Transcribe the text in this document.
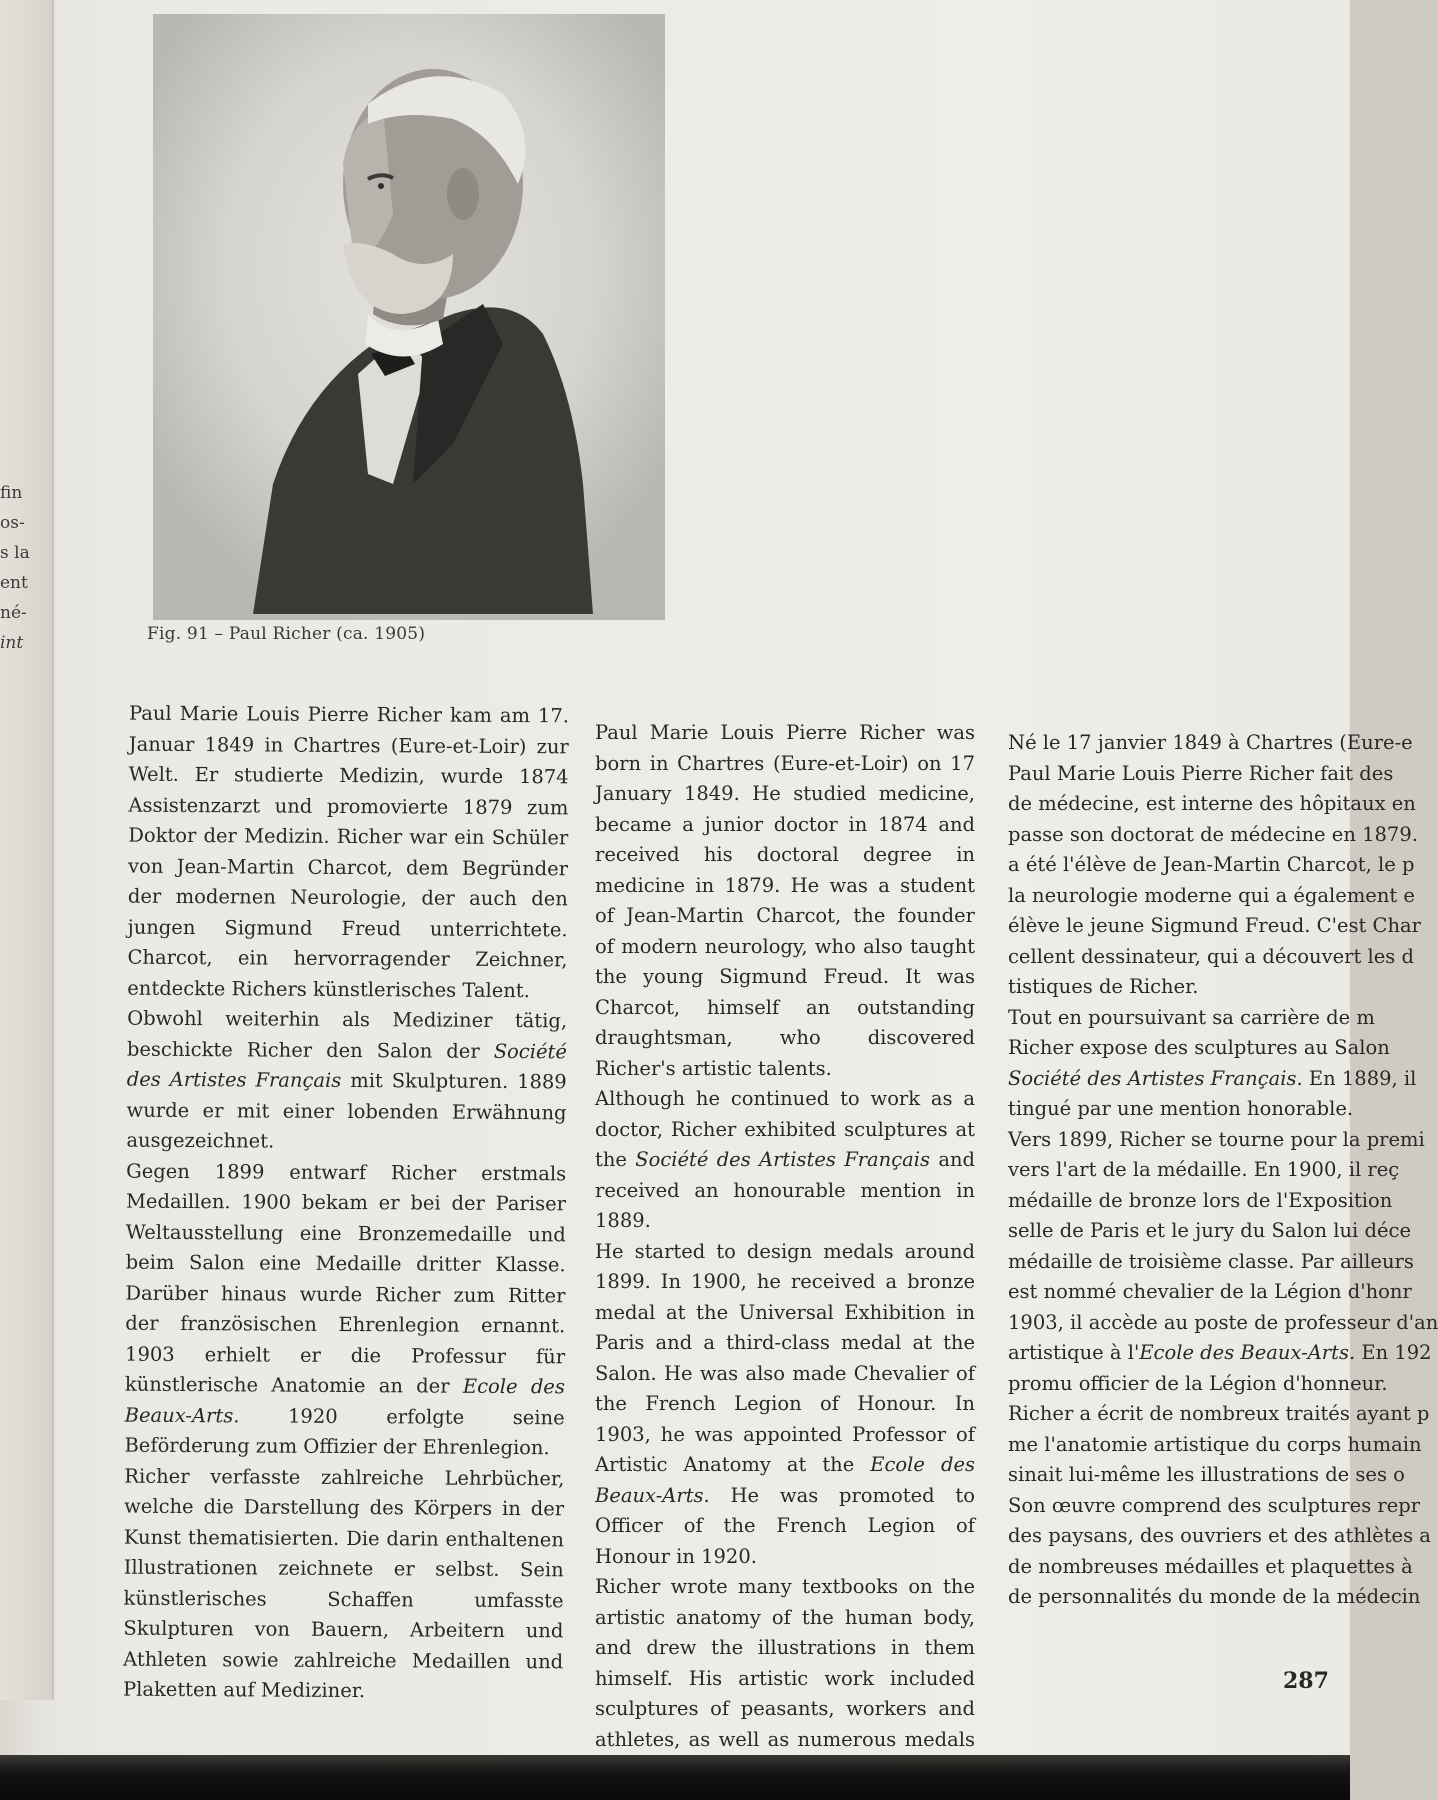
fin
os-
s la
ent
né-
int	Fig. 91 – Paul Richer (ca. 1905)

Paul Marie Louis Pierre Richer kam am 17. Januar 1849 in Chartres (Eure-et-Loir) zur Welt. Er studierte Medizin, wurde 1874 Assistenzarzt und promovierte 1879 zum Doktor der Medizin. Richer war ein Schüler von Jean-Martin Charcot, dem Begründer der modernen Neurologie, der auch den jungen Sigmund Freud unterrichtete. Charcot, ein hervorragender Zeichner, entdeckte Richers künstlerisches Talent.

Obwohl weiterhin als Mediziner tätig, beschickte Richer den Salon der Société des Artistes Français mit Skulpturen. 1889 wurde er mit einer lobenden Erwähnung ausgezeichnet.

Gegen 1899 entwarf Richer erstmals Medaillen. 1900 bekam er bei der Pariser Weltausstellung eine Bronzemedaille und beim Salon eine Medaille dritter Klasse. Darüber hinaus wurde Richer zum Ritter der französischen Ehrenlegion ernannt. 1903 erhielt er die Professur für künstlerische Anatomie an der Ecole des Beaux-Arts. 1920 erfolgte seine Beförderung zum Offizier der Ehrenlegion.

Richer verfasste zahlreiche Lehrbücher, welche die Darstellung des Körpers in der Kunst thematisierten. Die darin enthaltenen Illustrationen zeichnete er selbst. Sein künstlerisches Schaffen umfasste Skulpturen von Bauern, Arbeitern und Athleten sowie zahlreiche Medaillen und Plaketten auf Mediziner.

Paul Marie Louis Pierre Richer was born in Chartres (Eure-et-Loir) on 17 January 1849. He studied medicine, became a junior doctor in 1874 and received his doctoral degree in medicine in 1879. He was a student of Jean-Martin Charcot, the founder of modern neurology, who also taught the young Sigmund Freud. It was Charcot, himself an outstanding draughtsman, who discovered Richer's artistic talents.

Although he continued to work as a doctor, Richer exhibited sculptures at the Société des Artistes Français and received an honourable mention in 1889.

He started to design medals around 1899. In 1900, he received a bronze medal at the Universal Exhibition in Paris and a third-class medal at the Salon. He was also made Chevalier of the French Legion of Honour. In 1903, he was appointed Professor of Artistic Anatomy at the Ecole des Beaux-Arts. He was promoted to Officer of the French Legion of Honour in 1920.

Richer wrote many textbooks on the artistic anatomy of the human body, and drew the illustrations in them himself. His artistic work included sculptures of peasants, workers and athletes, as well as numerous medals

Né le 17 janvier 1849 à Chartres (Eure-e
Paul Marie Louis Pierre Richer fait des
de médecine, est interne des hôpitaux en
passe son doctorat de médecine en 1879.
a été l'élève de Jean-Martin Charcot, le p
la neurologie moderne qui a également e
élève le jeune Sigmund Freud. C'est Char
cellent dessinateur, qui a découvert les d
tistiques de Richer.
Tout en poursuivant sa carrière de m
Richer expose des sculptures au Salon
Société des Artistes Français. En 1889, il
tingué par une mention honorable.
Vers 1899, Richer se tourne pour la premi
vers l'art de la médaille. En 1900, il reç
médaille de bronze lors de l'Exposition
selle de Paris et le jury du Salon lui déce
médaille de troisième classe. Par ailleurs
est nommé chevalier de la Légion d'honr
1903, il accède au poste de professeur d'an
artistique à l'Ecole des Beaux-Arts. En 192
promu officier de la Légion d'honneur.
Richer a écrit de nombreux traités ayant p
me l'anatomie artistique du corps humain
sinait lui-même les illustrations de ses o
Son œuvre comprend des sculptures repr
des paysans, des ouvriers et des athlètes a
de nombreuses médailles et plaquettes à
de personnalités du monde de la médecin
287
